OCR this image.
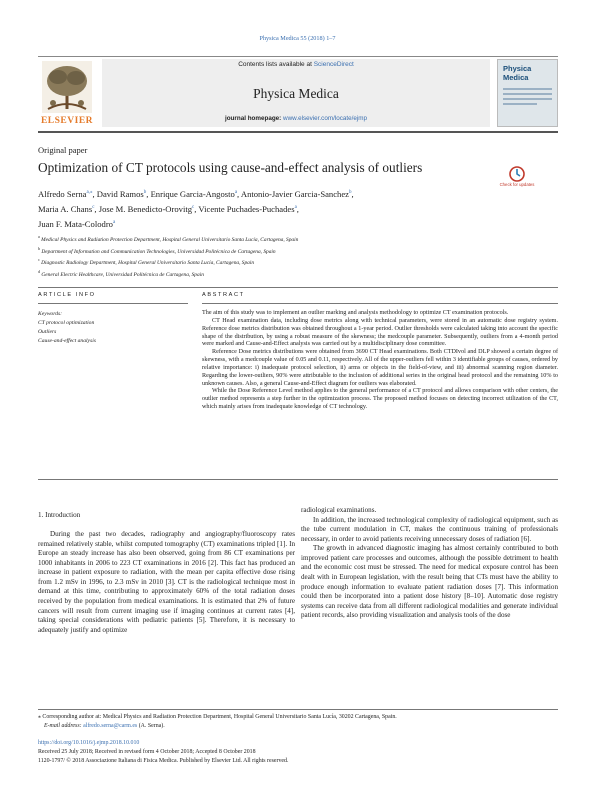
Physica Medica 55 (2018) 1–7
ELSEVIER
Contents lists available at ScienceDirect
Physica Medica
journal homepage: www.elsevier.com/locate/ejmp
Physica
Medica
Original paper
Optimization of CT protocols using cause-and-effect analysis of outliers
Check for updates
Alfredo Serna$^{a,⁎}$, David Ramos$^b$, Enrique Garcia-Angosto$^a$, Antonio-Javier Garcia-Sanchez$^b$,
Maria A. Chans$^c$, Jose M. Benedicto-Orovitg$^c$, Vicente Puchades-Puchades$^a$,
Juan F. Mata-Colodro$^a$
$^a$ Medical Physics and Radiation Protection Department, Hospital General Universitario Santa Lucía, Cartagena, Spain
$^b$ Department of Information and Communication Technologies, Universidad Politécnica de Cartagena, Spain
$^c$ Diagnostic Radiology Department, Hospital General Universitario Santa Lucía, Cartagena, Spain
$^d$ General Electric Healthcare, Universidad Politécnica de Cartagena, Spain
ARTICLE INFO	ABSTRACT
Keywords:
CT protocol optimization
Outliers
Cause-and-effect analysis

The aim of this study was to implement an outlier marking and analysis methodology to optimize CT examination protocols.

CT Head examination data, including dose metrics along with technical parameters, were stored in an automatic dose registry system. Reference dose metrics distribution was obtained throughout a 1-year period. Outlier thresholds were calculated taking into account the specific shape of the distribution, by using a robust measure of the skewness; the medcouple parameter. Subsequently, outliers from a 4-month period were marked and Cause-and-Effect analysis was carried out by a multidisciplinary dose committee.

Reference Dose metrics distributions were obtained from 3690 CT Head examinations. Both CTDIvol and DLP showed a certain degree of skewness, with a medcouple value of 0.05 and 0.11, respectively. All of the upper-outliers fell within 3 identifiable groups of causes, ordered by relative importance: i) inadequate protocol selection, ii) arms or objects in the field-of-view, and iii) abnormal scanning region diameter. Regarding the lower-outliers, 90% were attributable to the inclusion of additional series in the original head protocol and the remaining 10% to unknown causes. Also, a general Cause-and-Effect diagram for outliers was elaborated.

While the Dose Reference Level method applies to the general performance of a CT protocol and allows comparison with other centers, the outlier method represents a step further in the optimization process. The proposed method focuses on detecting incorrect utilization of the CT, which mainly arises from inadequate knowledge of CT technology.

1. Introduction

During the past two decades, radiography and angiography/fluoroscopy rates remained relatively stable, whilst computed tomography (CT) examinations tripled [1]. In Europe an steady increase has also been observed, going from 86 CT examinations per 1000 inhabitants in 2006 to 223 CT examinations in 2016 [2]. This fact has produced an increase in patient exposure to radiation, with the mean per capita effective dose rising from 1.2 mSv in 1996, to 2.3 mSv in 2010 [3]. CT is the radiological technique most in demand at this time, contributing to approximately 60% of the total radiation doses received by the population from medical examinations. It is estimated that 2% of future cancers will result from current imaging use if imaging continues at current rates [4], taking special considerations with pediatric patients [5]. Therefore, it is necessary to adequately justify and optimize

radiological examinations.

In addition, the increased technological complexity of radiological equipment, such as the tube current modulation in CT, makes the continuous training of professionals necessary, in order to avoid patients receiving unnecessary doses of radiation [6].

The growth in advanced diagnostic imaging has almost certainly contributed to both improved patient care processes and outcomes, although the possible detriment to health and the economic cost must be stressed. The need for medical exposure control has been dealt with in European legislation, with the result being that CTs must have the ability to produce enough information to evaluate patient radiation doses [7]. This information could then be incorporated into a patient dose history [8–10]. Automatic dose registry systems can receive data from all different radiological modalities and generate individual patient records, also providing visualization and analysis tools of the dose

⁎ Corresponding author at: Medical Physics and Radiation Protection Department, Hospital General Universitario Santa Lucía, 30202 Cartagena, Spain.
E-mail address: alfredo.serna@carm.es (A. Serna).
https://doi.org/10.1016/j.ejmp.2018.10.010
Received 25 July 2018; Received in revised form 4 October 2018; Accepted 8 October 2018
1120-1797/ © 2018 Associazione Italiana di Fisica Medica. Published by Elsevier Ltd. All rights reserved.
